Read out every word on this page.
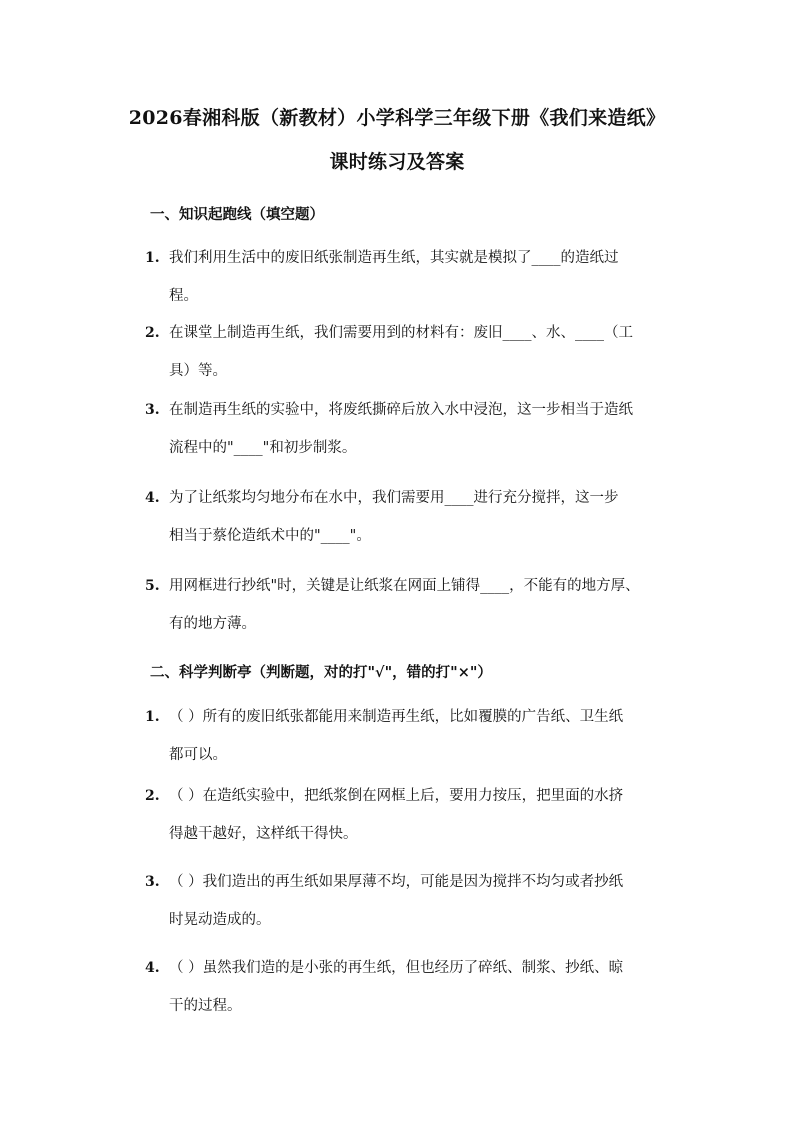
2026春湘科版（新教材）小学科学三年级下册《我们来造纸》
课时练习及答案
一、知识起跑线（填空题）
1. 我们利用生活中的废旧纸张制造再生纸，其实就是模拟了____的造纸过
程。
2. 在课堂上制造再生纸，我们需要用到的材料有：废旧____、水、____（工
具）等。
3. 在制造再生纸的实验中，将废纸撕碎后放入水中浸泡，这一步相当于造纸
流程中的"____"和初步制浆。
4. 为了让纸浆均匀地分布在水中，我们需要用____进行充分搅拌，这一步
相当于蔡伦造纸术中的"____"。
5. 用网框进行抄纸"时，关键是让纸浆在网面上铺得____，不能有的地方厚、
有的地方薄。
二、科学判断亭（判断题，对的打"√"，错的打"×"）
1. （ ）所有的废旧纸张都能用来制造再生纸，比如覆膜的广告纸、卫生纸
都可以。
2. （ ）在造纸实验中，把纸浆倒在网框上后，要用力按压，把里面的水挤
得越干越好，这样纸干得快。
3. （ ）我们造出的再生纸如果厚薄不均，可能是因为搅拌不均匀或者抄纸
时晃动造成的。
4. （ ）虽然我们造的是小张的再生纸，但也经历了碎纸、制浆、抄纸、晾
干的过程。
